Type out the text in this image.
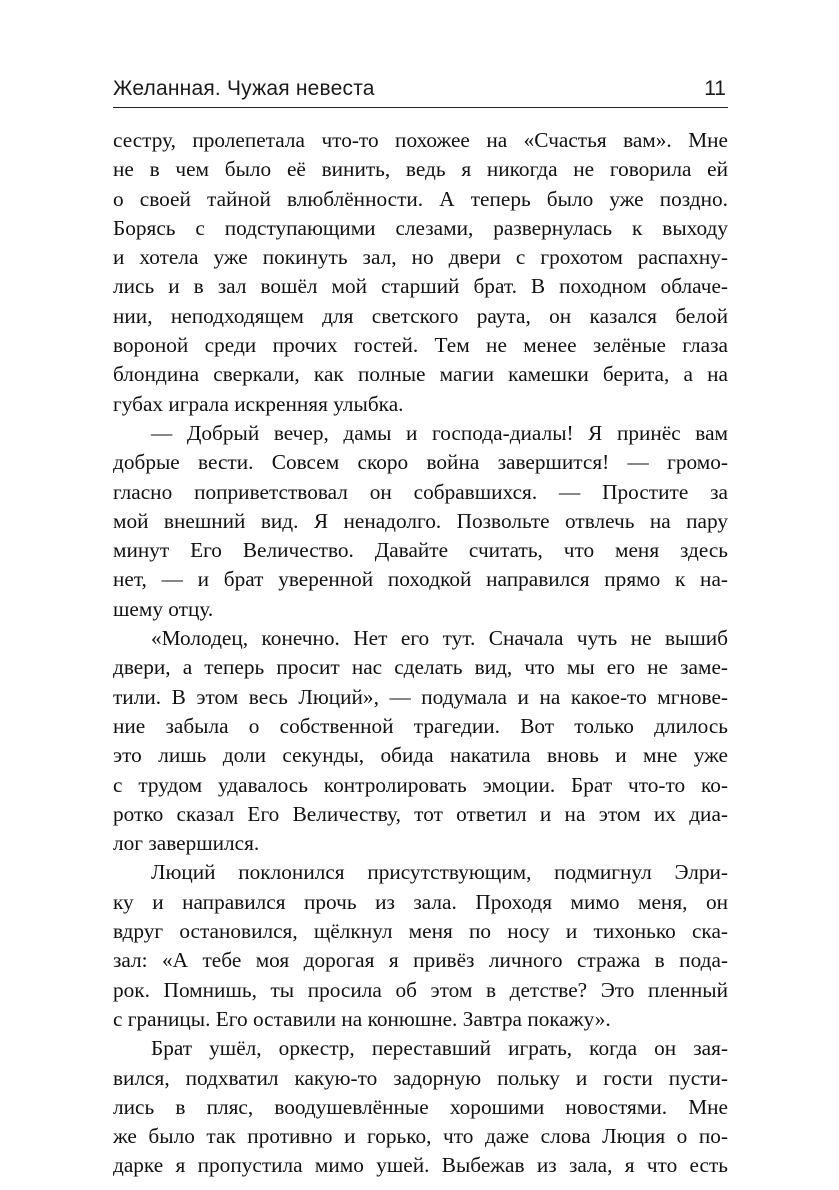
Желанная. Чужая невеста	11
сестру, пролепетала что-то похожее на «Счастья вам». Мне
не в чем было её винить, ведь я никогда не говорила ей
о своей тайной влюблённости. А теперь было уже поздно.
Борясь с подступающими слезами, развернулась к выходу
и хотела уже покинуть зал, но двери с грохотом распахну-
лись и в зал вошёл мой старший брат. В походном облаче-
нии, неподходящем для светского раута, он казался белой
вороной среди прочих гостей. Тем не менее зелёные глаза
блондина сверкали, как полные магии камешки берита, а на
губах играла искренняя улыбка.
— Добрый вечер, дамы и господа-диалы! Я принёс вам
добрые вести. Совсем скоро война завершится! — громо-
гласно поприветствовал он собравшихся. — Простите за
мой внешний вид. Я ненадолго. Позвольте отвлечь на пару
минут Его Величество. Давайте считать, что меня здесь
нет, — и брат уверенной походкой направился прямо к на-
шему отцу.
«Молодец, конечно. Нет его тут. Сначала чуть не вышиб
двери, а теперь просит нас сделать вид, что мы его не заме-
тили. В этом весь Люций», — подумала и на какое-то мгнове-
ние забыла о собственной трагедии. Вот только длилось
это лишь доли секунды, обида накатила вновь и мне уже
с трудом удавалось контролировать эмоции. Брат что-то ко-
ротко сказал Его Величеству, тот ответил и на этом их диа-
лог завершился.
Люций поклонился присутствующим, подмигнул Элри-
ку и направился прочь из зала. Проходя мимо меня, он
вдруг остановился, щёлкнул меня по носу и тихонько ска-
зал: «А тебе моя дорогая я привёз личного стража в пода-
рок. Помнишь, ты просила об этом в детстве? Это пленный
с границы. Его оставили на конюшне. Завтра покажу».
Брат ушёл, оркестр, переставший играть, когда он зая-
вился, подхватил какую-то задорную польку и гости пусти-
лись в пляс, воодушевлённые хорошими новостями. Мне
же было так противно и горько, что даже слова Люция о по-
дарке я пропустила мимо ушей. Выбежав из зала, я что есть
